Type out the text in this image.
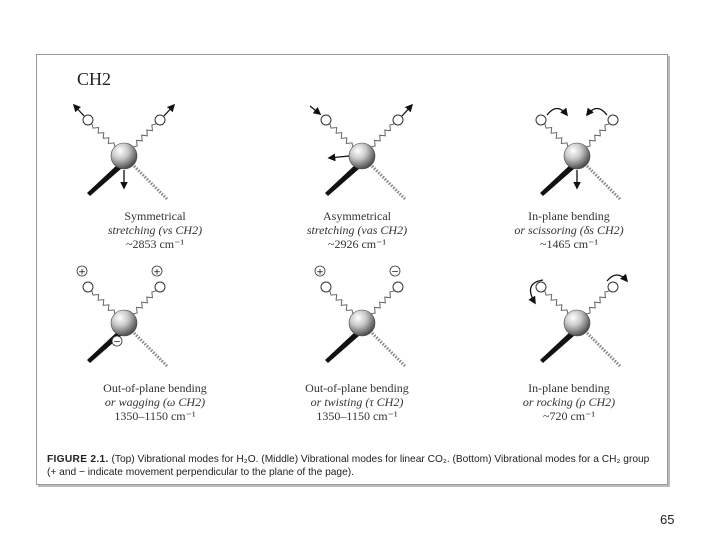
CH2
+	+
−
+	−
Symmetrical
stretching (νs CH2)
~2853 cm⁻¹
Asymmetrical
stretching (νas CH2)
~2926 cm⁻¹
In-plane bending
or scissoring (δs CH2)
~1465 cm⁻¹
Out-of-plane bending
or wagging (ω CH2)
1350–1150 cm⁻¹
Out-of-plane bending
or twisting (τ CH2)
1350–1150 cm⁻¹
In-plane bending
or rocking (ρ CH2)
~720 cm⁻¹
FIGURE 2.1. (Top) Vibrational modes for H₂O. (Middle) Vibrational modes for linear CO₂. (Bottom) Vibrational modes for a CH₂ group (+ and − indicate movement perpendicular to the plane of the page).
65
